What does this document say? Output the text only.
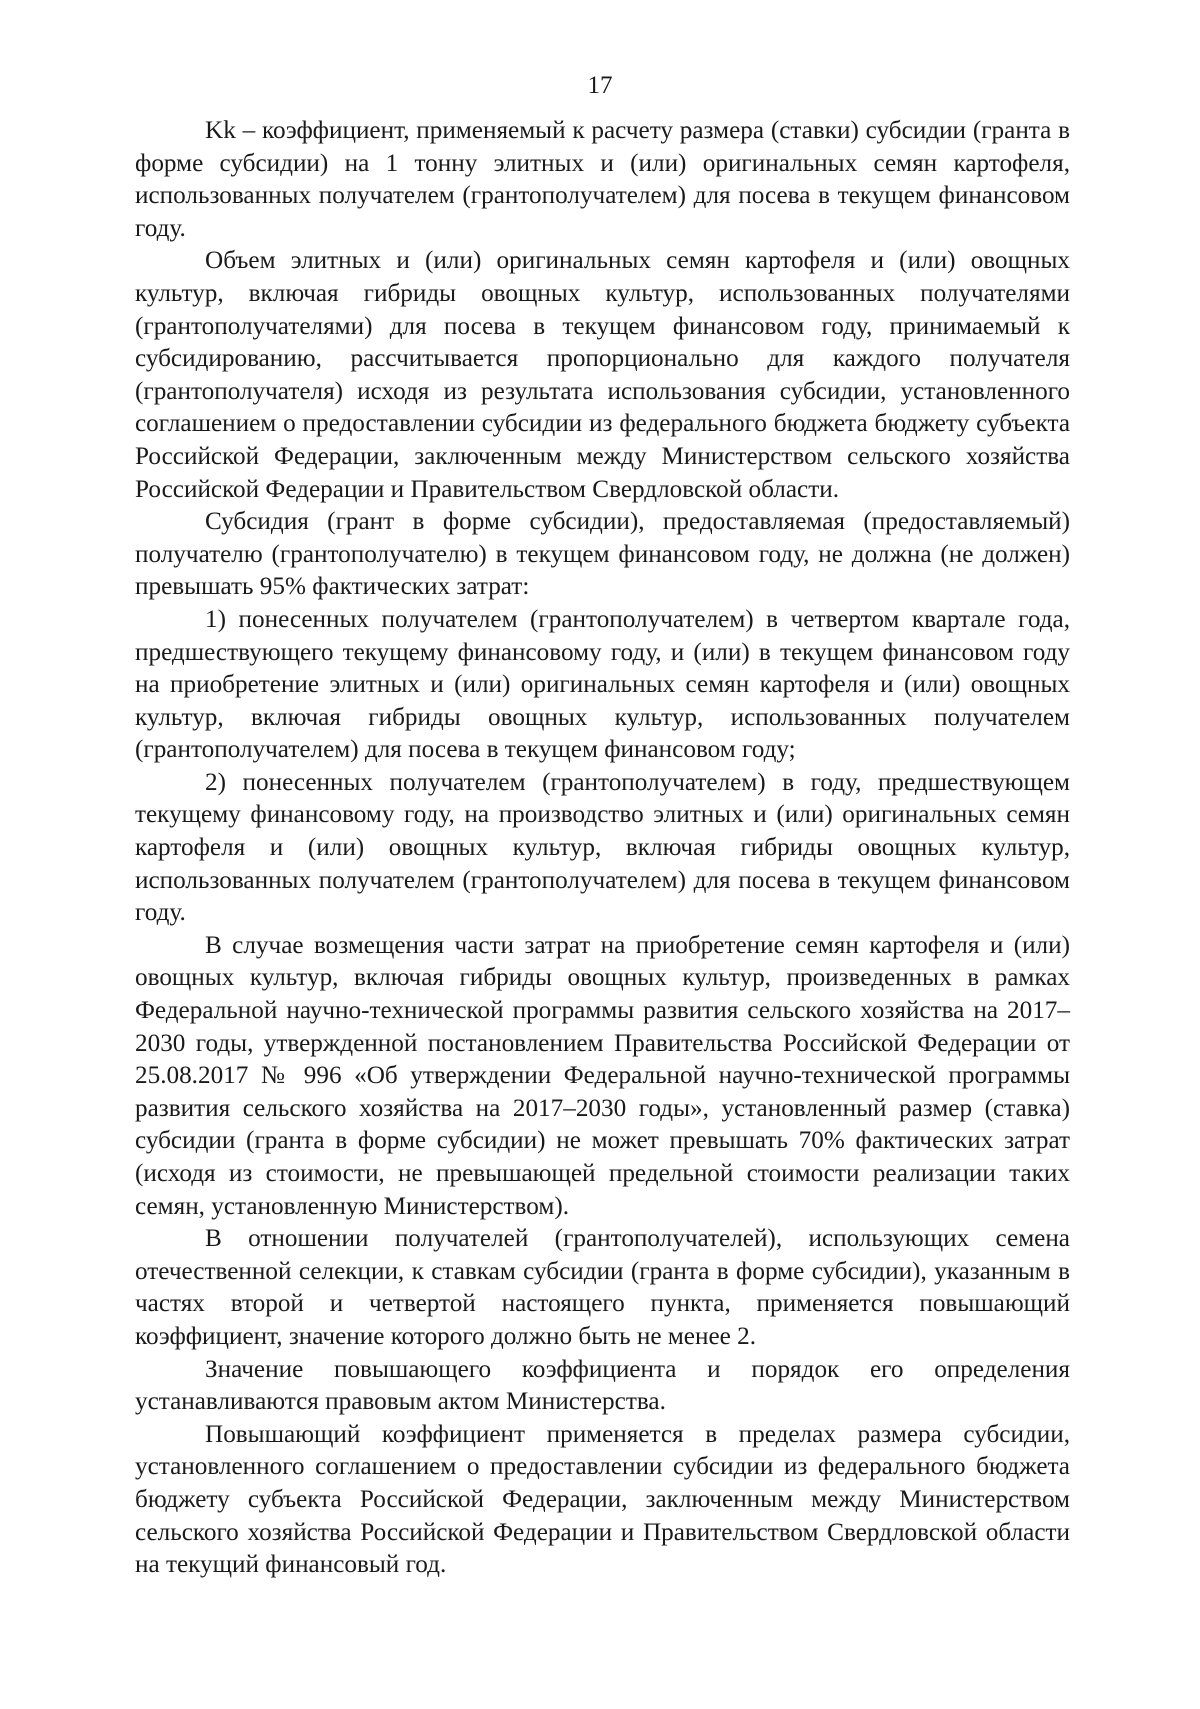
17

Kk – коэффициент, применяемый к расчету размера (ставки) субсидии (гранта в форме субсидии) на 1 тонну элитных и (или) оригинальных семян картофеля, использованных получателем (грантополучателем) для посева в текущем финансовом году.

Объем элитных и (или) оригинальных семян картофеля и (или) овощных культур, включая гибриды овощных культур, использованных получателями (грантополучателями) для посева в текущем финансовом году, принимаемый к субсидированию, рассчитывается пропорционально для каждого получателя (грантополучателя) исходя из результата использования субсидии, установленного соглашением о предоставлении субсидии из федерального бюджета бюджету субъекта Российской Федерации, заключенным между Министерством сельского хозяйства Российской Федерации и Правительством Свердловской области.

Субсидия (грант в форме субсидии), предоставляемая (предоставляемый) получателю (грантополучателю) в текущем финансовом году, не должна (не должен) превышать 95% фактических затрат:

1) понесенных получателем (грантополучателем) в четвертом квартале года, предшествующего текущему финансовому году, и (или) в текущем финансовом году на приобретение элитных и (или) оригинальных семян картофеля и (или) овощных культур, включая гибриды овощных культур, использованных получателем (грантополучателем) для посева в текущем финансовом году;

2) понесенных получателем (грантополучателем) в году, предшествующем текущему финансовому году, на производство элитных и (или) оригинальных семян картофеля и (или) овощных культур, включая гибриды овощных культур, использованных получателем (грантополучателем) для посева в текущем финансовом году.

В случае возмещения части затрат на приобретение семян картофеля и (или) овощных культур, включая гибриды овощных культур, произведенных в рамках Федеральной научно-технической программы развития сельского хозяйства на 2017–2030 годы, утвержденной постановлением Правительства Российской Федерации от 25.08.2017 № 996 «Об утверждении Федеральной научно-технической программы развития сельского хозяйства на 2017–2030 годы», установленный размер (ставка) субсидии (гранта в форме субсидии) не может превышать 70% фактических затрат (исходя из стоимости, не превышающей предельной стоимости реализации таких семян, установленную Министерством).

В отношении получателей (грантополучателей), использующих семена отечественной селекции, к ставкам субсидии (гранта в форме субсидии), указанным в частях второй и четвертой настоящего пункта, применяется повышающий коэффициент, значение которого должно быть не менее 2.

Значение повышающего коэффициента и порядок его определения устанавливаются правовым актом Министерства.

Повышающий коэффициент применяется в пределах размера субсидии, установленного соглашением о предоставлении субсидии из федерального бюджета бюджету субъекта Российской Федерации, заключенным между Министерством сельского хозяйства Российской Федерации и Правительством Свердловской области на текущий финансовый год.
